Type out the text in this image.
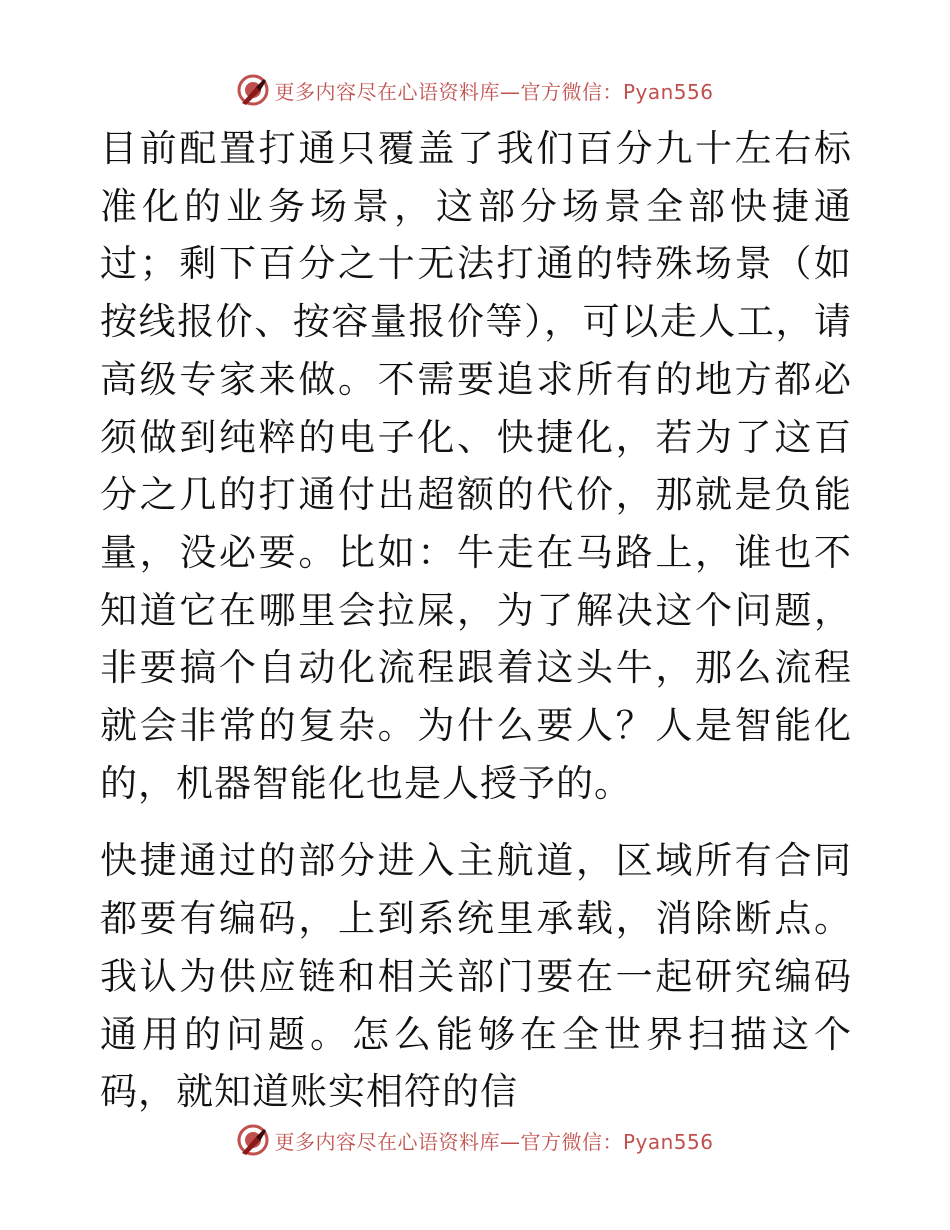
更多内容尽在心语资料库—官方微信：Pyan556

目前配置打通只覆盖了我们百分九十左右标准化的业务场景，这部分场景全部快捷通过；剩下百分之十无法打通的特殊场景（如按线报价、按容量报价等），可以走人工，请高级专家来做。不需要追求所有的地方都必须做到纯粹的电子化、快捷化，若为了这百分之几的打通付出超额的代价，那就是负能量，没必要。比如：牛走在马路上，谁也不知道它在哪里会拉屎，为了解决这个问题，非要搞个自动化流程跟着这头牛，那么流程就会非常的复杂。为什么要人？人是智能化的，机器智能化也是人授予的。

快捷通过的部分进入主航道，区域所有合同都要有编码，上到系统里承载，消除断点。我认为供应链和相关部门要在一起研究编码通用的问题。怎么能够在全世界扫描这个码，就知道账实相符的信

更多内容尽在心语资料库—官方微信：Pyan556
